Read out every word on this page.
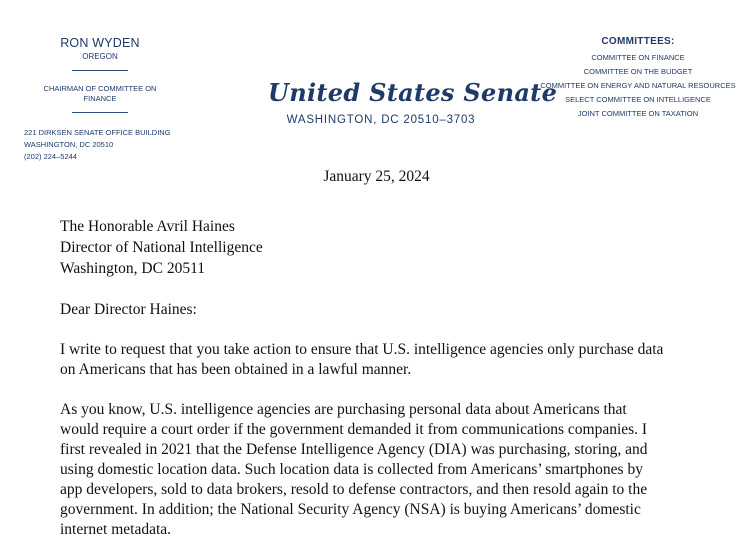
RON WYDEN
OREGON
CHAIRMAN OF COMMITTEE ON
FINANCE
221 DIRKSEN SENATE OFFICE BUILDING
WASHINGTON, DC 20510
(202) 224–5244
United States Senate
WASHINGTON, DC 20510–3703
COMMITTEES:
COMMITTEE ON FINANCE
COMMITTEE ON THE BUDGET
COMMITTEE ON ENERGY AND NATURAL RESOURCES
SELECT COMMITTEE ON INTELLIGENCE
JOINT COMMITTEE ON TAXATION
January 25, 2024
The Honorable Avril Haines
Director of National Intelligence
Washington, DC 20511
Dear Director Haines:
I write to request that you take action to ensure that U.S. intelligence agencies only purchase data
on Americans that has been obtained in a lawful manner.
As you know, U.S. intelligence agencies are purchasing personal data about Americans that
would require a court order if the government demanded it from communications companies. I
first revealed in 2021 that the Defense Intelligence Agency (DIA) was purchasing, storing, and
using domestic location data. Such location data is collected from Americans’ smartphones by
app developers, sold to data brokers, resold to defense contractors, and then resold again to the
government. In addition; the National Security Agency (NSA) is buying Americans’ domestic
internet metadata.
